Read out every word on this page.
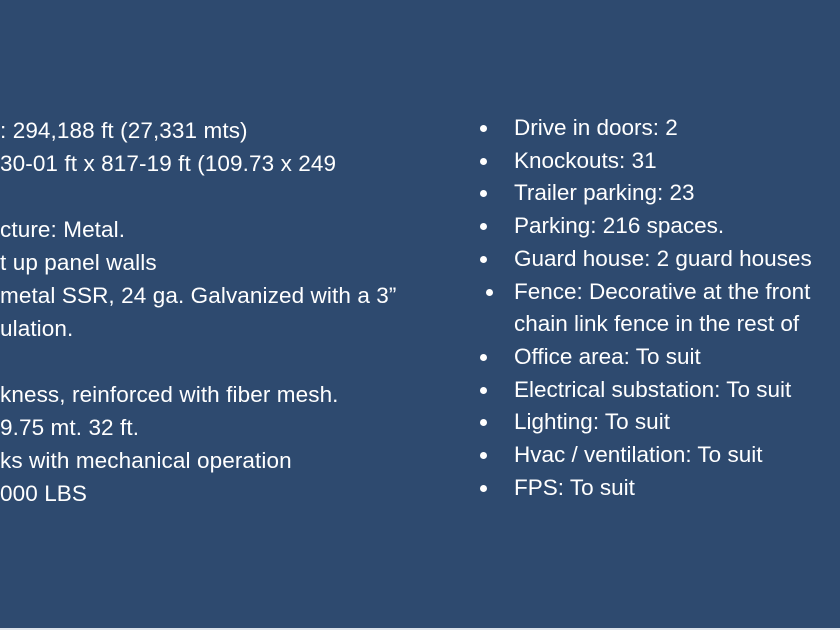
: 294,188 ft (27,331 mts)
30-01 ft x 817-19 ft (109.73 x 249
cture: Metal.
t up panel walls
metal SSR, 24 ga. Galvanized with a 3”
ulation.
kness, reinforced with fiber mesh.
9.75 mt. 32 ft.
ks with mechanical operation
000 LBS
Drive in doors: 2
Knockouts: 31
Trailer parking: 23
Parking: 216 spaces.
Guard house: 2 guard houses
Fence: Decorative at the front
chain link fence in the rest of
Office area: To suit
Electrical substation: To suit
Lighting: To suit
Hvac / ventilation: To suit
FPS: To suit
